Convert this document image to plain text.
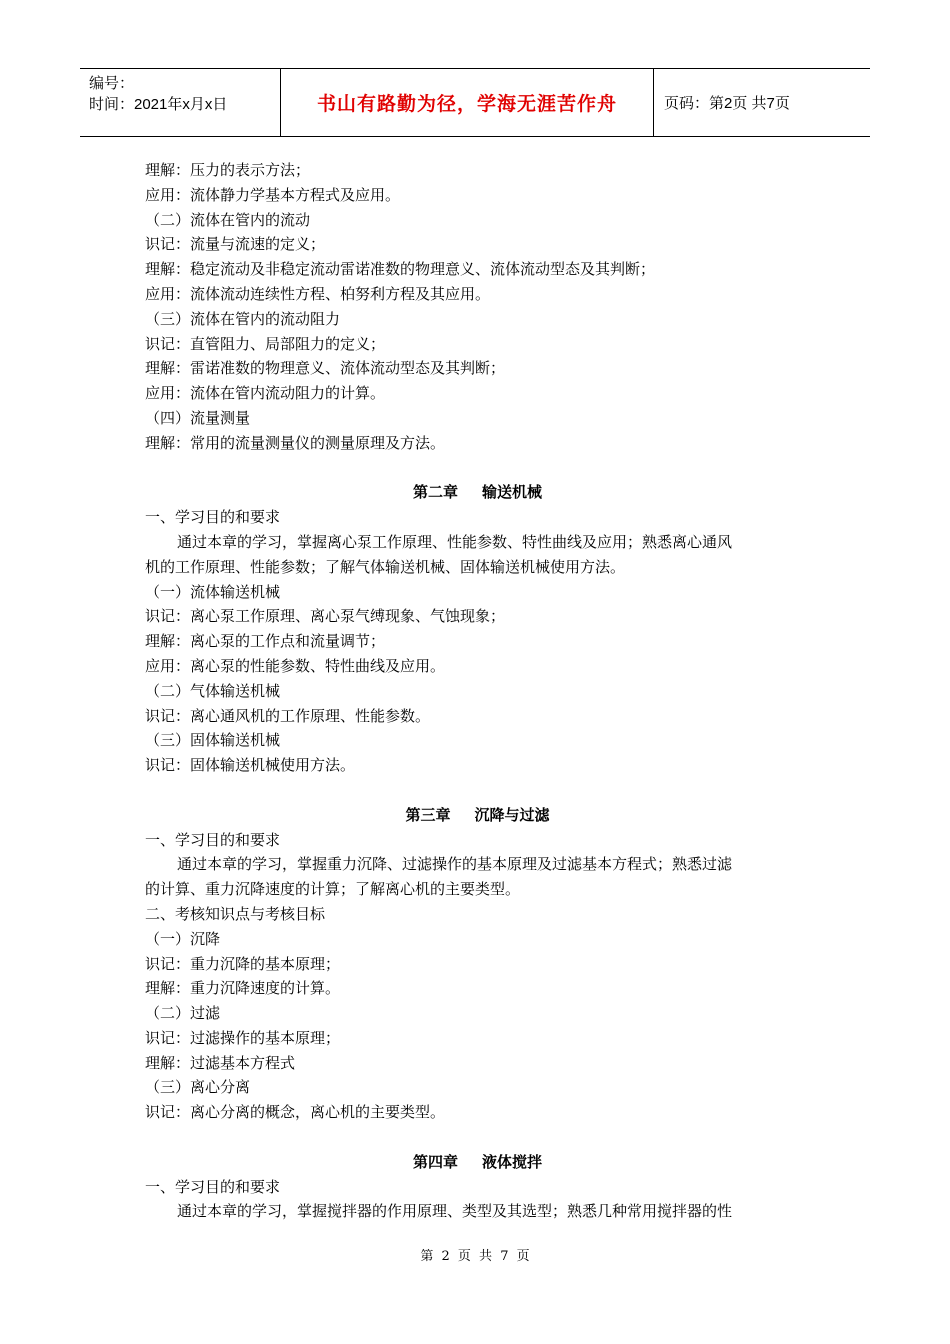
编号：
时间：2021年x月x日	书山有路勤为径，学海无涯苦作舟	页码：第2页 共7页
理解：压力的表示方法；
应用：流体静力学基本方程式及应用。
（二）流体在管内的流动
识记：流量与流速的定义；
理解：稳定流动及非稳定流动雷诺准数的物理意义、流体流动型态及其判断；
应用：流体流动连续性方程、柏努利方程及其应用。
（三）流体在管内的流动阻力
识记：直管阻力、局部阻力的定义；
理解：雷诺准数的物理意义、流体流动型态及其判断；
应用：流体在管内流动阻力的计算。
（四）流量测量
理解：常用的流量测量仪的测量原理及方法。
第二章 输送机械
一、学习目的和要求
通过本章的学习，掌握离心泵工作原理、性能参数、特性曲线及应用；熟悉离心通风
机的工作原理、性能参数；了解气体输送机械、固体输送机械使用方法。
（一）流体输送机械
识记：离心泵工作原理、离心泵气缚现象、气蚀现象；
理解：离心泵的工作点和流量调节；
应用：离心泵的性能参数、特性曲线及应用。
（二）气体输送机械
识记：离心通风机的工作原理、性能参数。
（三）固体输送机械
识记：固体输送机械使用方法。
第三章 沉降与过滤
一、学习目的和要求
通过本章的学习，掌握重力沉降、过滤操作的基本原理及过滤基本方程式；熟悉过滤
的计算、重力沉降速度的计算；了解离心机的主要类型。
二、考核知识点与考核目标
（一）沉降
识记：重力沉降的基本原理；
理解：重力沉降速度的计算。
（二）过滤
识记：过滤操作的基本原理；
理解：过滤基本方程式
（三）离心分离
识记：离心分离的概念，离心机的主要类型。
第四章 液体搅拌
一、学习目的和要求
通过本章的学习，掌握搅拌器的作用原理、类型及其选型；熟悉几种常用搅拌器的性
第 2 页 共 7 页
